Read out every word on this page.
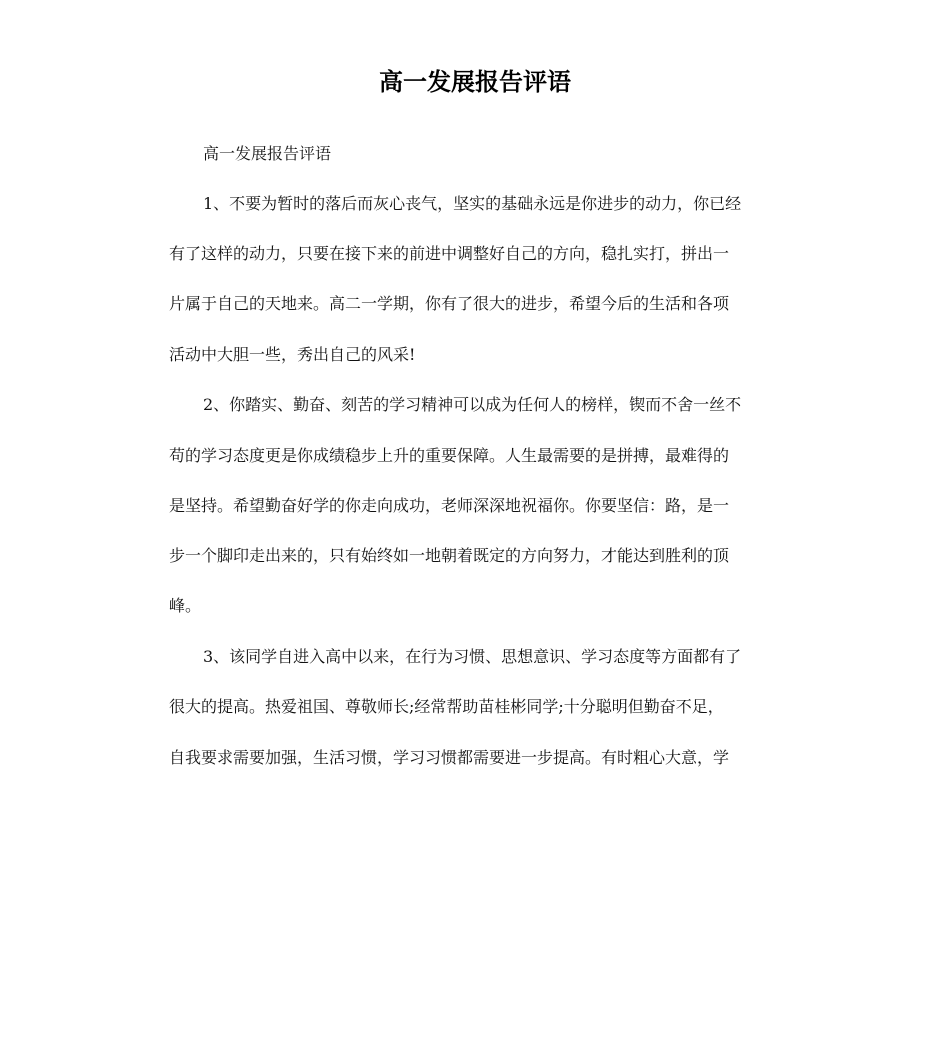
高一发展报告评语

高一发展报告评语

1、不要为暂时的落后而灰心丧气，坚实的基础永远是你进步的动力，你已经

有了这样的动力，只要在接下来的前进中调整好自己的方向，稳扎实打，拼出一

片属于自己的天地来。高二一学期，你有了很大的进步，希望今后的生活和各项

活动中大胆一些，秀出自己的风采!

2、你踏实、勤奋、刻苦的学习精神可以成为任何人的榜样，锲而不舍一丝不

苟的学习态度更是你成绩稳步上升的重要保障。人生最需要的是拼搏，最难得的

是坚持。希望勤奋好学的你走向成功，老师深深地祝福你。你要坚信：路，是一

步一个脚印走出来的，只有始终如一地朝着既定的方向努力，才能达到胜利的顶

峰。

3、该同学自进入高中以来，在行为习惯、思想意识、学习态度等方面都有了

很大的提高。热爱祖国、尊敬师长;经常帮助苗桂彬同学;十分聪明但勤奋不足，

自我要求需要加强，生活习惯，学习习惯都需要进一步提高。有时粗心大意，学
